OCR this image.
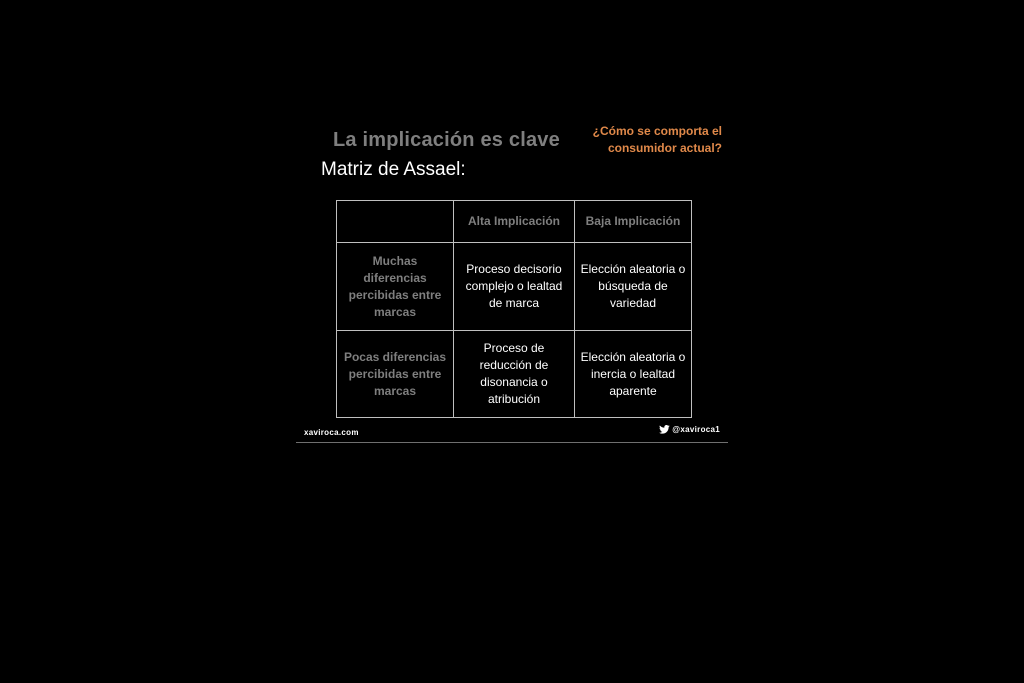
La implicación es clave	¿Cómo se comporta el consumidor actual?
Matriz de Assael:
	Alta Implicación	Baja Implicación
Muchas diferencias percibidas entre marcas	Proceso decisorio complejo o lealtad de marca	Elección aleatoria o búsqueda de variedad
Pocas diferencias percibidas entre marcas	Proceso de reducción de disonancia o atribución	Elección aleatoria o inercia o lealtad aparente
xaviroca.com	@xaviroca1
